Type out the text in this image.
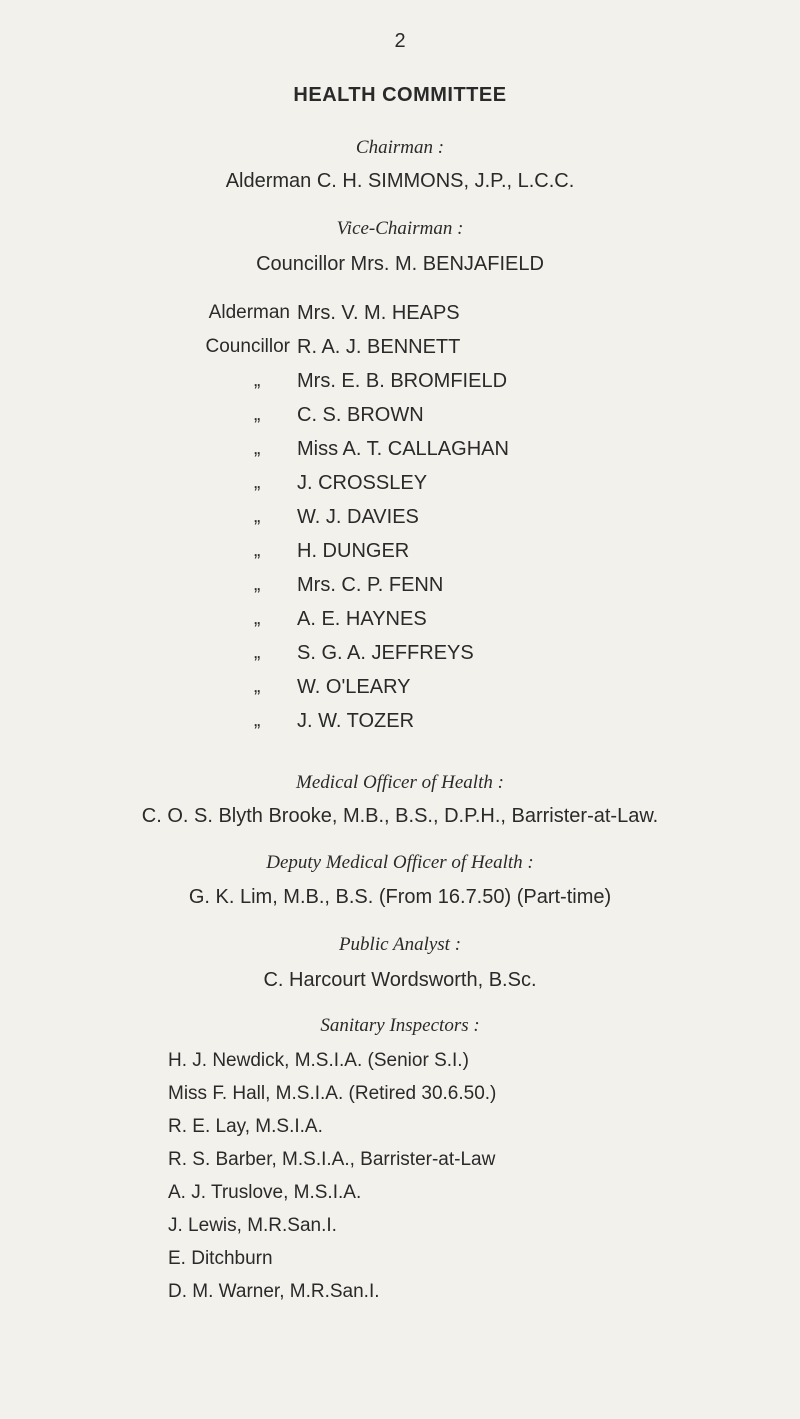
2
HEALTH COMMITTEE
Chairman :
Alderman C. H. SIMMONS, J.P., L.C.C.
Vice-Chairman :
Councillor Mrs. M. BENJAFIELD
Alderman Mrs. V. M. HEAPS
Councillor R. A. J. BENNETT
„ Mrs. E. B. BROMFIELD
„ C. S. BROWN
„ Miss A. T. CALLAGHAN
„ J. CROSSLEY
„ W. J. DAVIES
„ H. DUNGER
„ Mrs. C. P. FENN
„ A. E. HAYNES
„ S. G. A. JEFFREYS
„ W. O'LEARY
„ J. W. TOZER
Medical Officer of Health :
C. O. S. Blyth Brooke, M.B., B.S., D.P.H., Barrister-at-Law.
Deputy Medical Officer of Health :
G. K. Lim, M.B., B.S. (From 16.7.50) (Part-time)
Public Analyst :
C. Harcourt Wordsworth, B.Sc.
Sanitary Inspectors :
H. J. Newdick, M.S.I.A. (Senior S.I.)
Miss F. Hall, M.S.I.A. (Retired 30.6.50.)
R. E. Lay, M.S.I.A.
R. S. Barber, M.S.I.A., Barrister-at-Law
A. J. Truslove, M.S.I.A.
J. Lewis, M.R.San.I.
E. Ditchburn
D. M. Warner, M.R.San.I.
